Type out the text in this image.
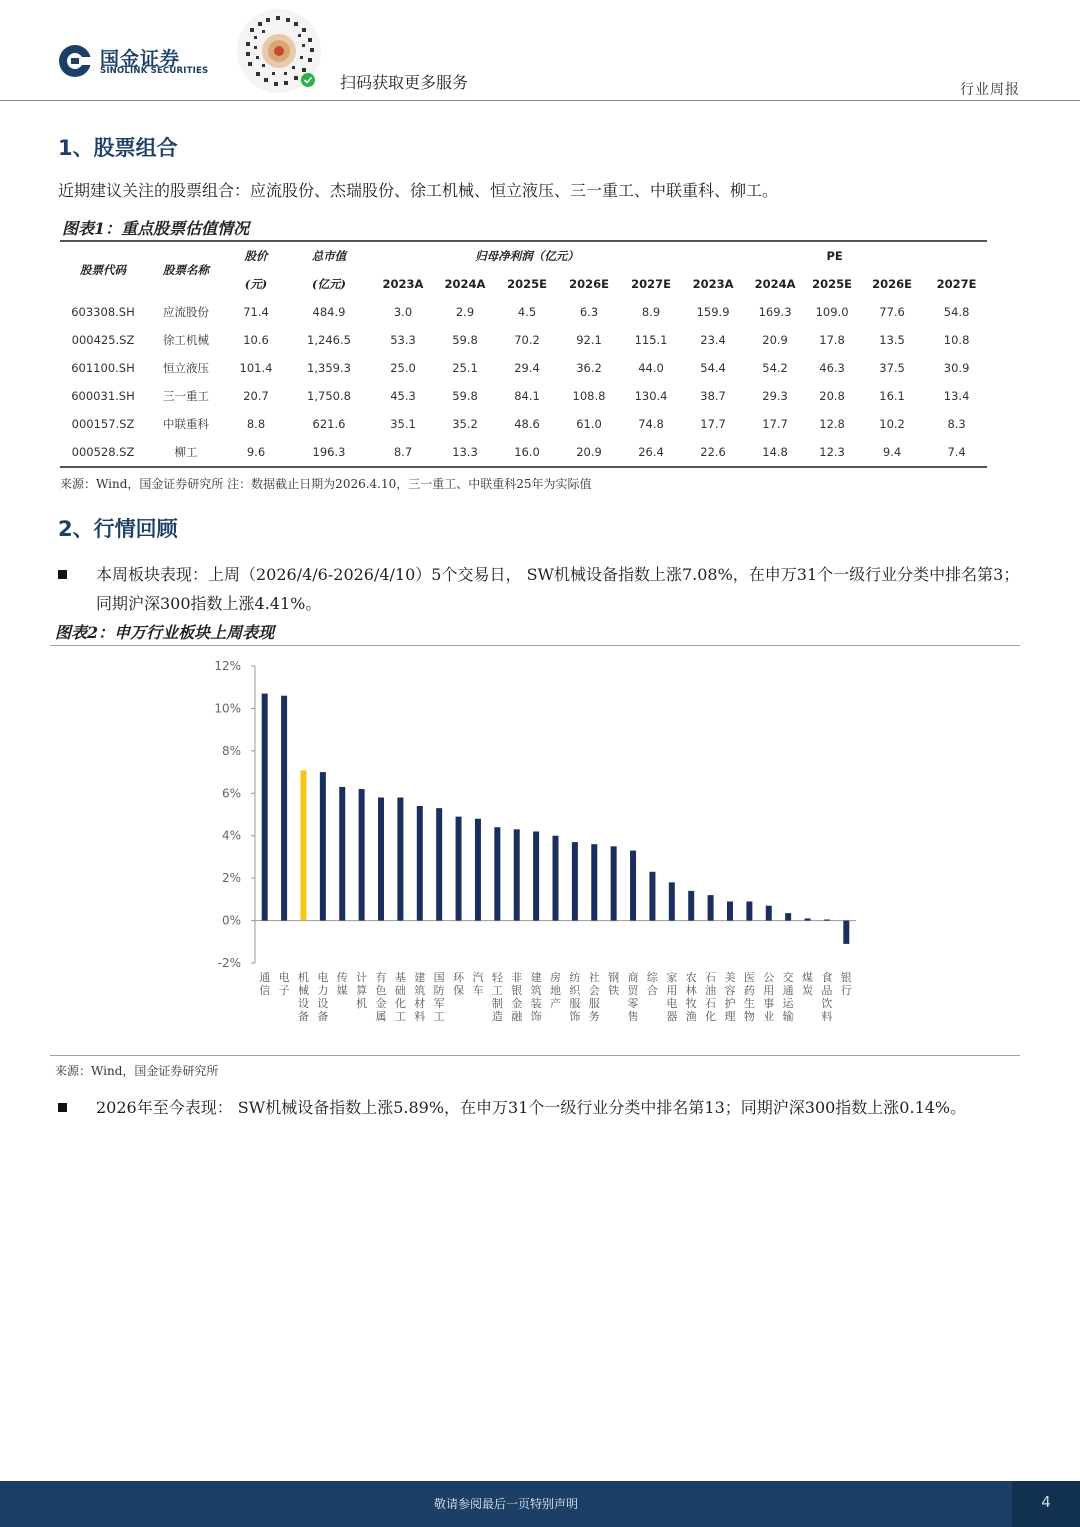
国金证券
SINOLINK SECURITIES
扫码获取更多服务	行业周报
1、股票组合
近期建议关注的股票组合：应流股份、杰瑞股份、徐工机械、恒立液压、三一重工、中联重科、柳工。
图表1：重点股票估值情况
股票代码	股票名称	股价	总市值	归母净利润（亿元）					PE				
		(元)	(亿元)	2023A	2024A	2025E	2026E	2027E	2023A	2024A	2025E	2026E	2027E
603308.SH	应流股份	71.4	484.9	3.0	2.9	4.5	6.3	8.9	159.9	169.3	109.0	77.6	54.8
000425.SZ	徐工机械	10.6	1,246.5	53.3	59.8	70.2	92.1	115.1	23.4	20.9	17.8	13.5	10.8
601100.SH	恒立液压	101.4	1,359.3	25.0	25.1	29.4	36.2	44.0	54.4	54.2	46.3	37.5	30.9
600031.SH	三一重工	20.7	1,750.8	45.3	59.8	84.1	108.8	130.4	38.7	29.3	20.8	16.1	13.4
000157.SZ	中联重科	8.8	621.6	35.1	35.2	48.6	61.0	74.8	17.7	17.7	12.8	10.2	8.3
000528.SZ	柳工	9.6	196.3	8.7	13.3	16.0	20.9	26.4	22.6	14.8	12.3	9.4	7.4
来源：Wind，国金证券研究所 注：数据截止日期为2026.4.10，三一重工、中联重科25年为实际值
2、行情回顾
本周板块表现：上周（2026/4/6-2026/4/10）5个交易日， SW机械设备指数上涨7.08%，在申万31个一级行业分类中排名第3；同期沪深300指数上涨4.41%。
图表2：申万行业板块上周表现
12%
10%
8%
6%
4%
2%
0%
-2%
通信
电子
机械设备
电力设备
传媒
计算机
有色金属
基础化工
建筑材料
国防军工
环保
汽车
轻工制造
非银金融
建筑装饰
房地产
纺织服饰
社会服务
钢铁
商贸零售
综合
家用电器
农林牧渔
石油石化
美容护理
医药生物
公用事业
交通运输
煤炭
食品饮料
银行
来源：Wind，国金证券研究所
2026年至今表现： SW机械设备指数上涨5.89%，在申万31个一级行业分类中排名第13；同期沪深300指数上涨0.14%。
敬请参阅最后一页特别声明	4
